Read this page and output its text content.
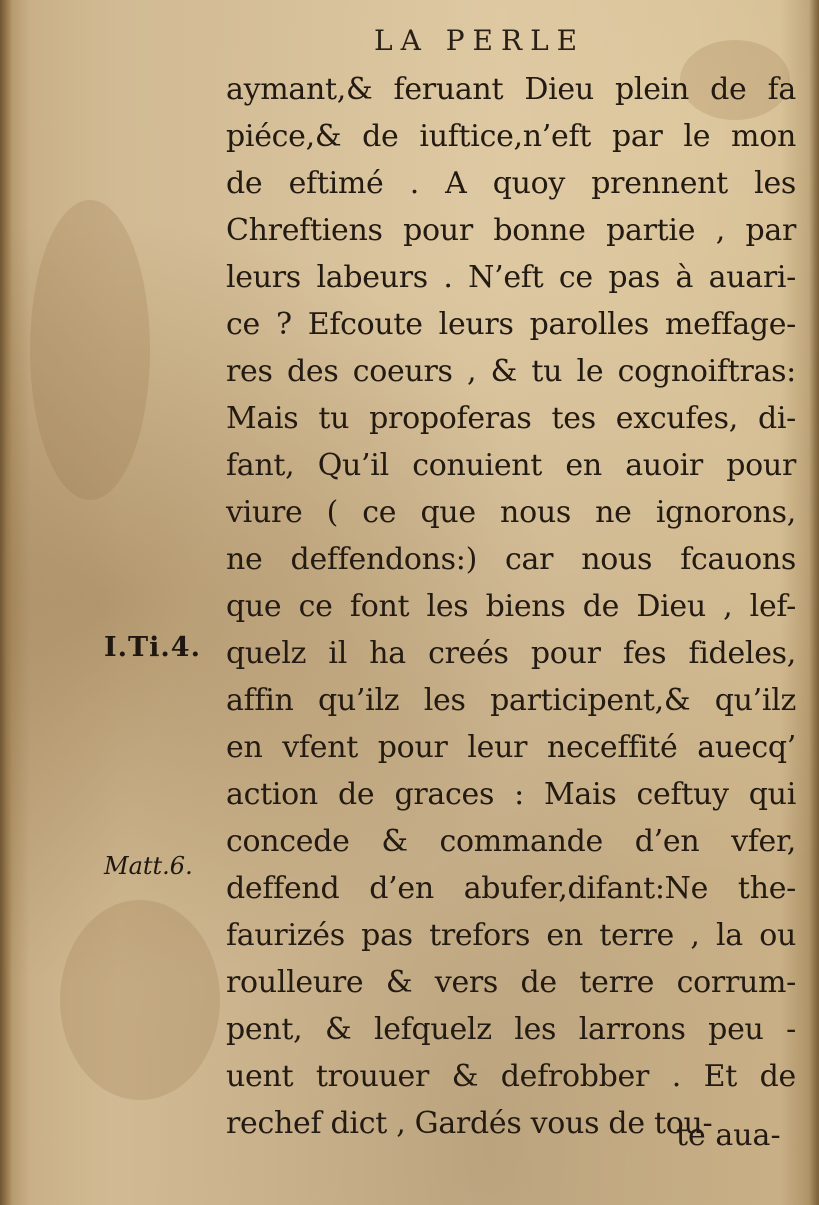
LA PERLE
aymant,& feruant Dieu plein de fa
piéce,& de iuftice,n’eft par le mon
de eftimé . A quoy prennent les
Chreftiens pour bonne partie , par
leurs labeurs . N’eft ce pas à auari-
ce ? Efcoute leurs parolles meffage-
res des coeurs , & tu le cognoiftras:
Mais tu propoferas tes excufes, di-
fant, Qu’il conuient en auoir pour
viure ( ce que nous ne ignorons,
ne deffendons:) car nous fcauons
que ce font les biens de Dieu , lef-
quelz il ha creés pour fes fideles,
affin qu’ilz les participent,& qu’ilz
en vfent pour leur neceffité auecq’
action de graces : Mais ceftuy qui
concede & commande d’en vfer,
deffend d’en abufer,difant:Ne the-
faurizés pas trefors en terre , la ou
roulleure & vers de terre corrum-
pent, & lefquelz les larrons peu -
uent trouuer & defrobber . Et de
rechef dict , Gardés vous de tou-
te aua-
I.Ti.4.
Matt.6.
